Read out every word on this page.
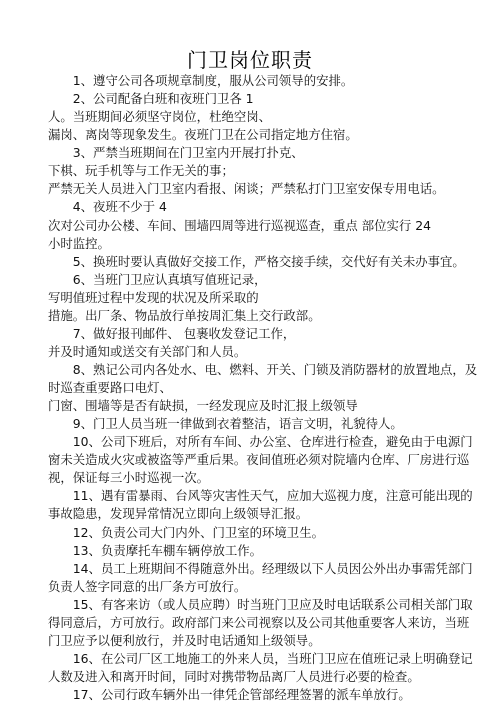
门卫岗位职责
　　1、遵守公司各项规章制度，服从公司领导的安排。
　　2、公司配备白班和夜班门卫各 1
人。当班期间必须坚守岗位，杜绝空岗、
漏岗、离岗等现象发生。夜班门卫在公司指定地方住宿。
　　3、严禁当班期间在门卫室内开展打扑克、
下棋、玩手机等与工作无关的事；
严禁无关人员进入门卫室内看报、闲谈；严禁私打门卫室安保专用电话。
　　4、夜班不少于 4
次对公司办公楼、车间、围墙四周等进行巡视巡查，重点 部位实行 24
小时监控。
　　5、换班时要认真做好交接工作，严格交接手续，交代好有关未办事宜。
　　6、当班门卫应认真填写值班记录，
写明值班过程中发现的状况及所采取的
措施。出厂条、物品放行单按周汇集上交行政部。
　　7、做好报刊邮件、 包裹收发登记工作，
并及时通知或送交有关部门和人员。
　　8、熟记公司内各处水、电、燃料、开关、门锁及消防器材的放置地点，及
时巡查重要路口电灯、
门窗、围墙等是否有缺损，一经发现应及时汇报上级领导
　　9、门卫人员当班一律做到衣着整洁，语言文明，礼貌待人。
　　10、公司下班后，对所有车间、办公室、仓库进行检查，避免由于电源门
窗未关造成火灾或被盗等严重后果。夜间值班必须对院墙内仓库、厂房进行巡
视，保证每三小时巡视一次。
　　11、遇有雷暴雨、台风等灾害性天气，应加大巡视力度，注意可能出现的
事故隐患，发现异常情况立即向上级领导汇报。
　　12、负责公司大门内外、门卫室的环境卫生。
　　13、负责摩托车棚车辆停放工作。
　　14、员工上班期间不得随意外出。经理级以下人员因公外出办事需凭部门
负责人签字同意的出厂条方可放行。
　　15、有客来访（或人员应聘）时当班门卫应及时电话联系公司相关部门取
得同意后，方可放行。政府部门来公司视察以及公司其他重要客人来访，当班
门卫应予以便利放行，并及时电话通知上级领导。
　　16、在公司厂区工地施工的外来人员，当班门卫应在值班记录上明确登记
人数及进入和离开时间，同时对携带物品离厂人员进行必要的检查。
　　17、公司行政车辆外出一律凭企管部经理签署的派车单放行。
